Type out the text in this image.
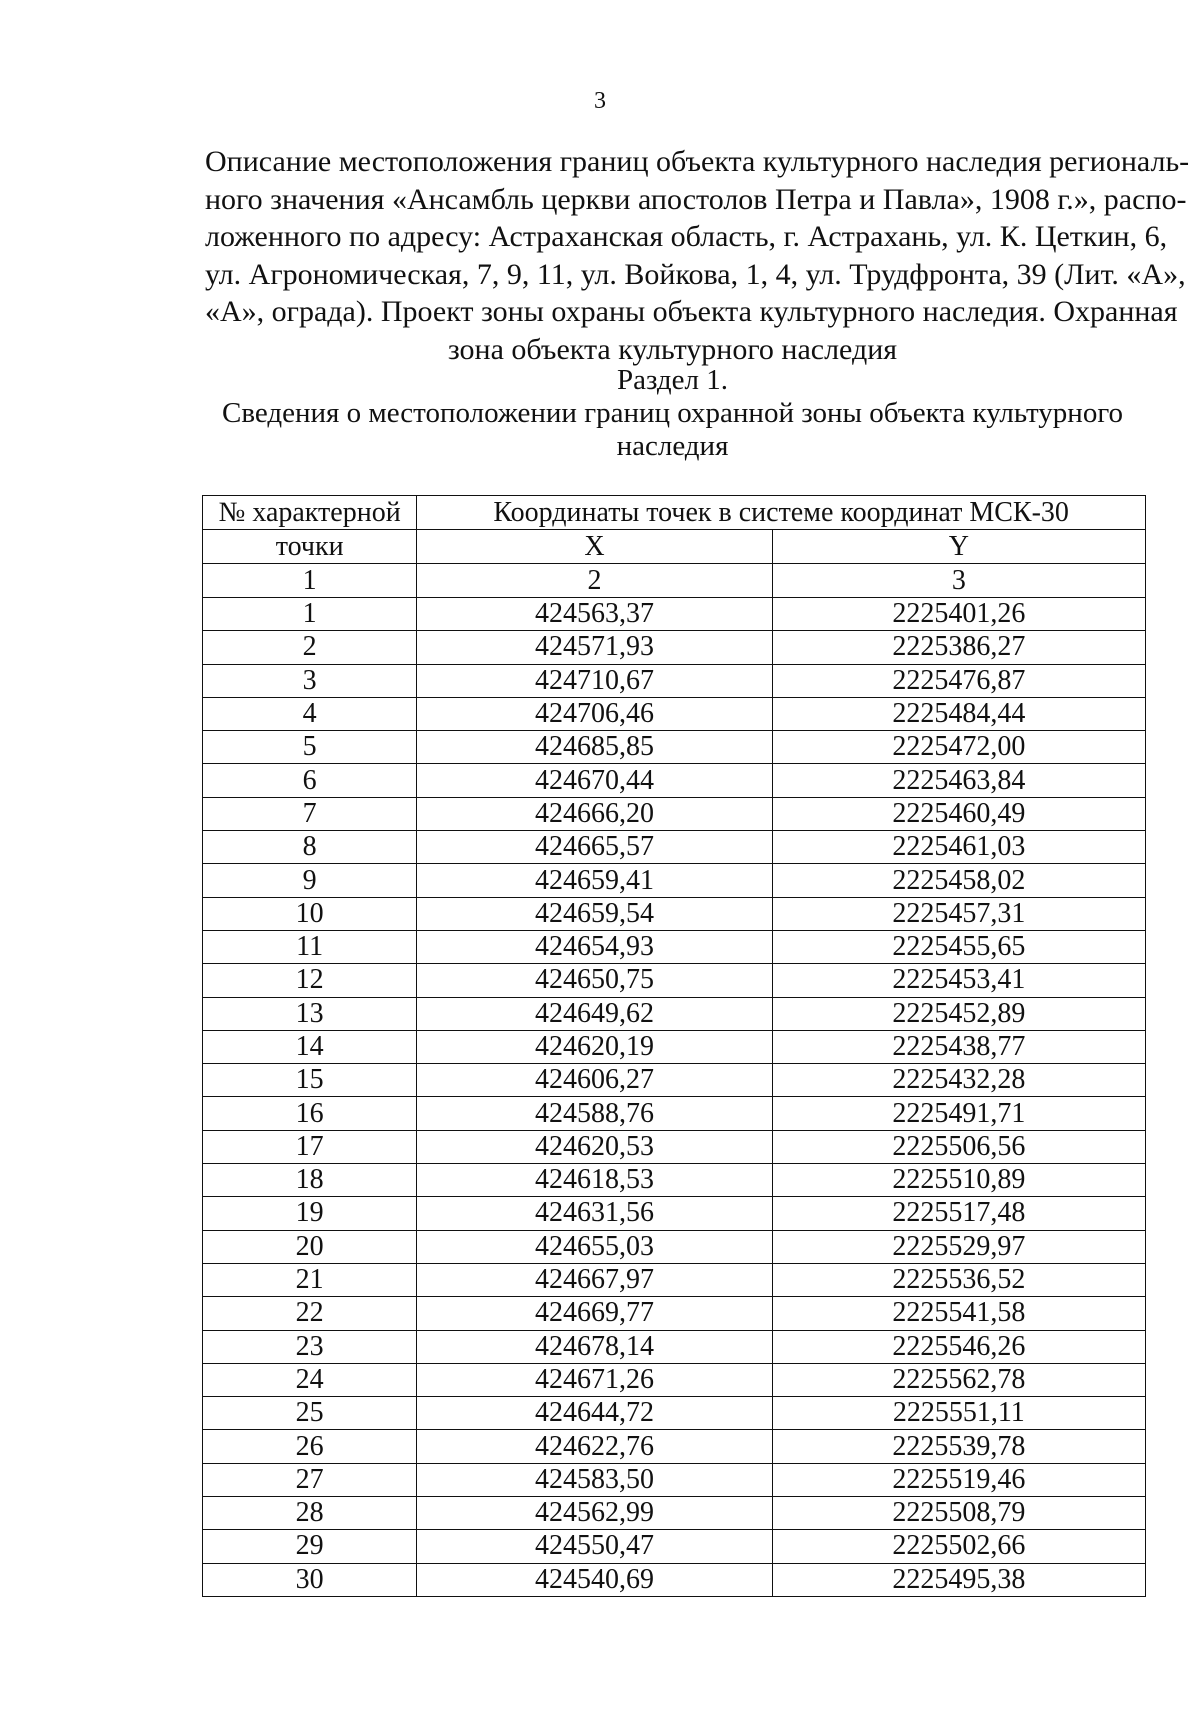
3
Описание местоположения границ объекта культурного наследия региональ-
ного значения «Ансамбль церкви апостолов Петра и Павла», 1908 г.», распо-
ложенного по адресу: Астраханская область, г. Астрахань, ул. К. Цеткин, 6,
ул. Агрономическая, 7, 9, 11, ул. Войкова, 1, 4, ул. Трудфронта, 39 (Лит. «А»,
«А», ограда). Проект зоны охраны объекта культурного наследия. Охранная
зона объекта культурного наследия
Раздел 1.
Сведения о местоположении границ охранной зоны объекта культурного
наследия
№ характерной	Координаты точек в системе координат МСК-30	
точки	X	Y
1	2	3
1	424563,37	2225401,26
2	424571,93	2225386,27
3	424710,67	2225476,87
4	424706,46	2225484,44
5	424685,85	2225472,00
6	424670,44	2225463,84
7	424666,20	2225460,49
8	424665,57	2225461,03
9	424659,41	2225458,02
10	424659,54	2225457,31
11	424654,93	2225455,65
12	424650,75	2225453,41
13	424649,62	2225452,89
14	424620,19	2225438,77
15	424606,27	2225432,28
16	424588,76	2225491,71
17	424620,53	2225506,56
18	424618,53	2225510,89
19	424631,56	2225517,48
20	424655,03	2225529,97
21	424667,97	2225536,52
22	424669,77	2225541,58
23	424678,14	2225546,26
24	424671,26	2225562,78
25	424644,72	2225551,11
26	424622,76	2225539,78
27	424583,50	2225519,46
28	424562,99	2225508,79
29	424550,47	2225502,66
30	424540,69	2225495,38
